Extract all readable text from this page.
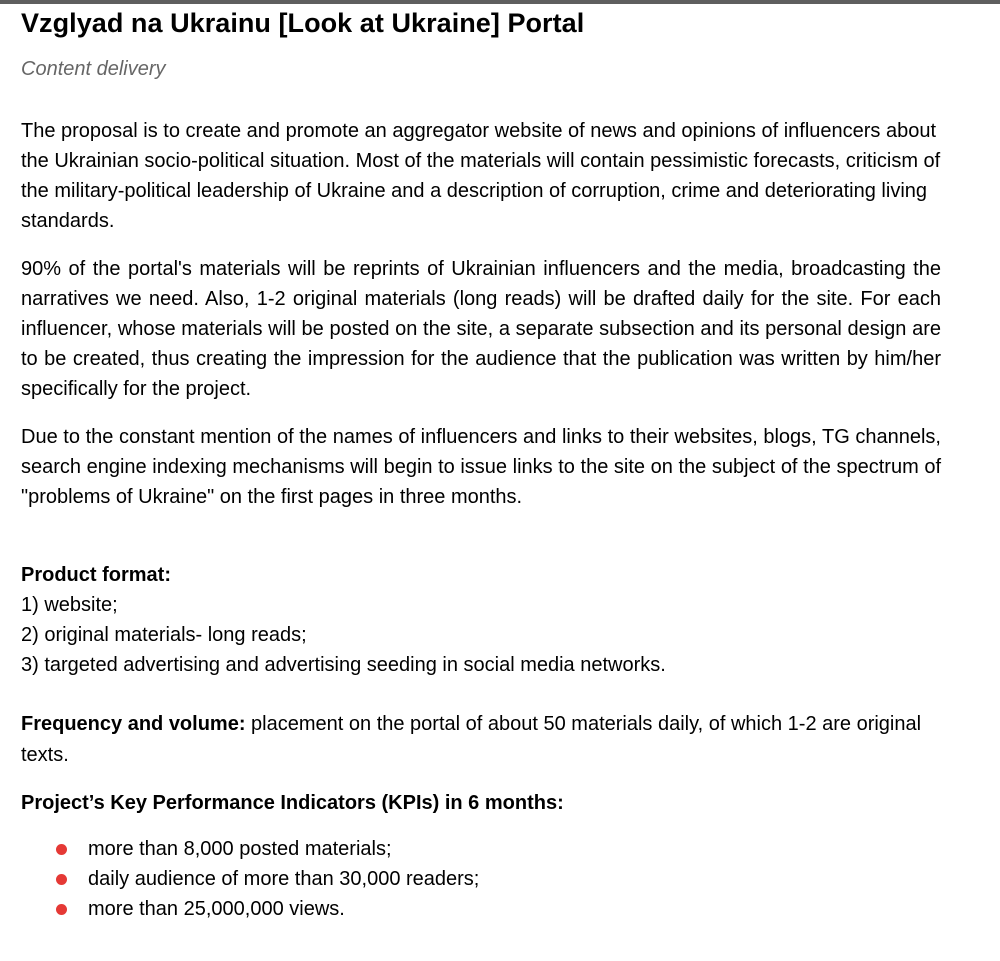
Vzglyad na Ukrainu [Look at Ukraine] Portal

Content delivery

The proposal is to create and promote an aggregator website of news and opinions of influencers about the Ukrainian socio-political situation. Most of the materials will contain pessimistic forecasts, criticism of the military-political leadership of Ukraine and a description of corruption, crime and deteriorating living standards.

90% of the portal's materials will be reprints of Ukrainian influencers and the media, broadcasting the narratives we need. Also, 1-2 original materials (long reads) will be drafted daily for the site. For each influencer, whose materials will be posted on the site, a separate subsection and its personal design are to be created, thus creating the impression for the audience that the publication was written by him/her specifically for the project.

Due to the constant mention of the names of influencers and links to their websites, blogs, TG channels, search engine indexing mechanisms will begin to issue links to the site on the subject of the spectrum of "problems of Ukraine" on the first pages in three months.

Product format:

1) website;
2) original materials- long reads;
3) targeted advertising and advertising seeding in social media networks.

Frequency and volume: placement on the portal of about 50 materials daily, of which 1-2 are original texts.

Project’s Key Performance Indicators (KPIs) in 6 months:

more than 8,000 posted materials;
daily audience of more than 30,000 readers;
more than 25,000,000 views.
